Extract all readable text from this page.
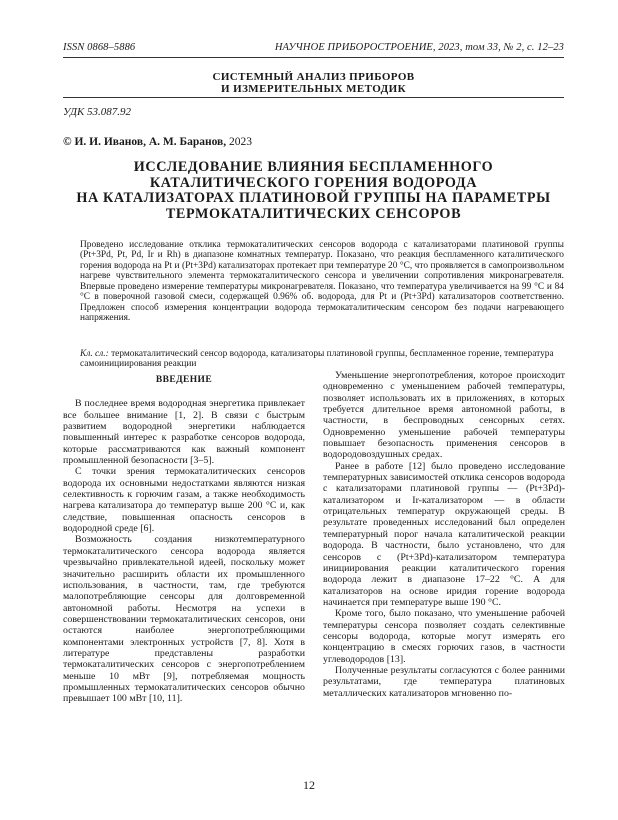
ISSN 0868–5886	НАУЧНОЕ ПРИБОРОСТРОЕНИЕ, 2023, том 33, № 2, c. 12–23
СИСТЕМНЫЙ АНАЛИЗ ПРИБОРОВ
И ИЗМЕРИТЕЛЬНЫХ МЕТОДИК
УДК 53.087.92
© И. И. Иванов, А. М. Баранов, 2023
ИССЛЕДОВАНИЕ ВЛИЯНИЯ БЕСПЛАМЕННОГО
КАТАЛИТИЧЕСКОГО ГОРЕНИЯ ВОДОРОДА
НА КАТАЛИЗАТОРАХ ПЛАТИНОВОЙ ГРУППЫ НА ПАРАМЕТРЫ
ТЕРМОКАТАЛИТИЧЕСКИХ СЕНСОРОВ
Проведено исследование отклика термокаталитических сенсоров водорода с катализаторами платиновой группы (Pt+3Pd, Pt, Pd, Ir и Rh) в диапазоне комнатных температур. Показано, что реакция беспламенного каталитического горения водорода на Pt и (Pt+3Pd) катализаторах протекает при температуре 20 °С, что проявляется в самопроизвольном нагреве чувствительного элемента термокаталитического сенсора и увеличении сопротивления микронагревателя. Впервые проведено измерение температуры микронагревателя. Показано, что температура увеличивается на 99 °С и 84 °С в поверочной газовой смеси, содержащей 0.96% об. водорода, для Pt и (Pt+3Pd) катализаторов соответственно. Предложен способ измерения концентрации водорода термокаталитическим сенсором без подачи нагревающего напряжения.
Кл. сл.: термокаталитический сенсор водорода, катализаторы платиновой группы, беспламенное горение, температура самоинициирования реакции

ВВЕДЕНИЕ

В последнее время водородная энергетика привлекает все большее внимание [1, 2]. В связи с быстрым развитием водородной энергетики наблюдается повышенный интерес к разработке сенсоров водорода, которые рассматриваются как важный компонент промышленной безопасности [3–5].

С точки зрения термокаталитических сенсоров водорода их основными недостатками являются низкая селективность к горючим газам, а также необходимость нагрева катализатора до температур выше 200 °С и, как следствие, повышенная опасность сенсоров в водородной среде [6].

Возможность создания низкотемпературного термокаталитического сенсора водорода является чрезвычайно привлекательной идеей, поскольку может значительно расширить области их промышленного использования, в частности, там, где требуются малопотребляющие сенсоры для долговременной автономной работы. Несмотря на успехи в совершенствовании термокаталитических сенсоров, они остаются наиболее энергопотребляющими компонентами электронных устройств [7, 8]. Хотя в литературе представлены разработки термокаталитических сенсоров с энергопотреблением меньше 10 мВт [9], потребляемая мощность промышленных термокаталитических сенсоров обычно превышает 100 мВт [10, 11].

Уменьшение энергопотребления, которое происходит одновременно с уменьшением рабочей температуры, позволяет использовать их в приложениях, в которых требуется длительное время автономной работы, в частности, в беспроводных сенсорных сетях. Одновременно уменьшение рабочей температуры повышает безопасность применения сенсоров в водородовоздушных средах.

Ранее в работе [12] было проведено исследование температурных зависимостей отклика сенсоров водорода с катализаторами платиновой группы — (Pt+3Pd)-катализатором и Ir-катализатором — в области отрицательных температур окружающей среды. В результате проведенных исследований был определен температурный порог начала каталитической реакции водорода. В частности, было установлено, что для сенсоров с (Pt+3Pd)-катализатором температура инициирования реакции каталитического горения водорода лежит в диапазоне 17–22 °С. А для катализаторов на основе иридия горение водорода начинается при температуре выше 190 °С.

Кроме того, было показано, что уменьшение рабочей температуры сенсора позволяет создать селективные сенсоры водорода, которые могут измерять его концентрацию в смесях горючих газов, в частности углеводородов [13].

Полученные результаты согласуются с более ранними результатами, где температура платиновых металлических катализаторов мгновенно по-

12
